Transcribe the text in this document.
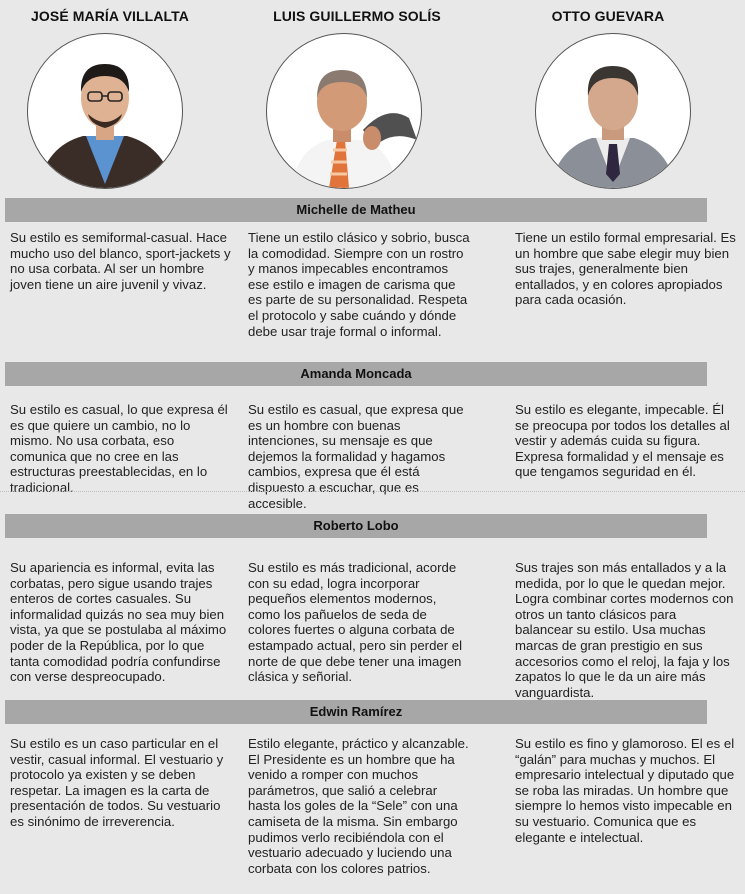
JOSÉ MARÍA VILLALTA	LUIS GUILLERMO SOLÍS	OTTO GUEVARA
Michelle de Matheu
Su estilo es semiformal-casual. Hace mucho uso del blanco, sport-jackets y no usa corbata. Al ser un hombre joven tiene un aire juvenil y vivaz.
Tiene un estilo clásico y sobrio, busca la comodidad. Siempre con un rostro y manos impecables encontramos ese estilo e imagen de carisma que es parte de su personalidad. Respeta el protocolo y sabe cuándo y dónde debe usar traje formal o informal.
Tiene un estilo formal empresarial. Es un hombre que sabe elegir muy bien sus trajes, generalmente bien entallados, y en colores apropiados para cada ocasión.
Amanda Moncada
Su estilo es casual, lo que expresa él es que quiere un cambio, no lo mismo. No usa corbata, eso comunica que no cree en las estructuras preestablecidas, en lo tradicional.
Su estilo es casual, que expresa que es un hombre con buenas intenciones, su mensaje es que dejemos la formalidad y hagamos cambios, expresa que él está dispuesto a escuchar, que es accesible.
Su estilo es elegante, impecable. Él se preocupa por todos los detalles al vestir y además cuida su figura. Expresa formalidad y el mensaje es que tengamos seguridad en él.
Roberto Lobo
Su apariencia es informal, evita las corbatas, pero sigue usando trajes enteros de cortes casuales. Su informalidad quizás no sea muy bien vista, ya que se postulaba al máximo poder de la República, por lo que tanta comodidad podría confundirse con verse despreocupado.
Su estilo es más tradicional, acorde con su edad, logra incorporar pequeños elementos modernos, como los pañuelos de seda de colores fuertes o alguna corbata de estampado actual, pero sin perder el norte de que debe tener una imagen clásica y señorial.
Sus trajes son más entallados y a la medida, por lo que le quedan mejor. Logra combinar cortes modernos con otros un tanto clásicos para balancear su estilo. Usa muchas marcas de gran prestigio en sus accesorios como el reloj, la faja y los zapatos lo que le da un aire más vanguardista.
Edwin Ramírez
Su estilo es un caso particular en el vestir, casual informal. El vestuario y protocolo ya existen y se deben respetar. La imagen es la carta de presentación de todos. Su vestuario es sinónimo de irreverencia.
Estilo elegante, práctico y alcanzable. El Presidente es un hombre que ha venido a romper con muchos parámetros, que salió a celebrar hasta los goles de la “Sele” con una camiseta de la misma. Sin embargo pudimos verlo recibiéndola con el vestuario adecuado y luciendo una corbata con los colores patrios.
Su estilo es fino y glamoroso. El es el “galán” para muchas y muchos. El empresario intelectual y diputado que se roba las miradas. Un hombre que siempre lo hemos visto impecable en su vestuario. Comunica que es elegante e intelectual.
